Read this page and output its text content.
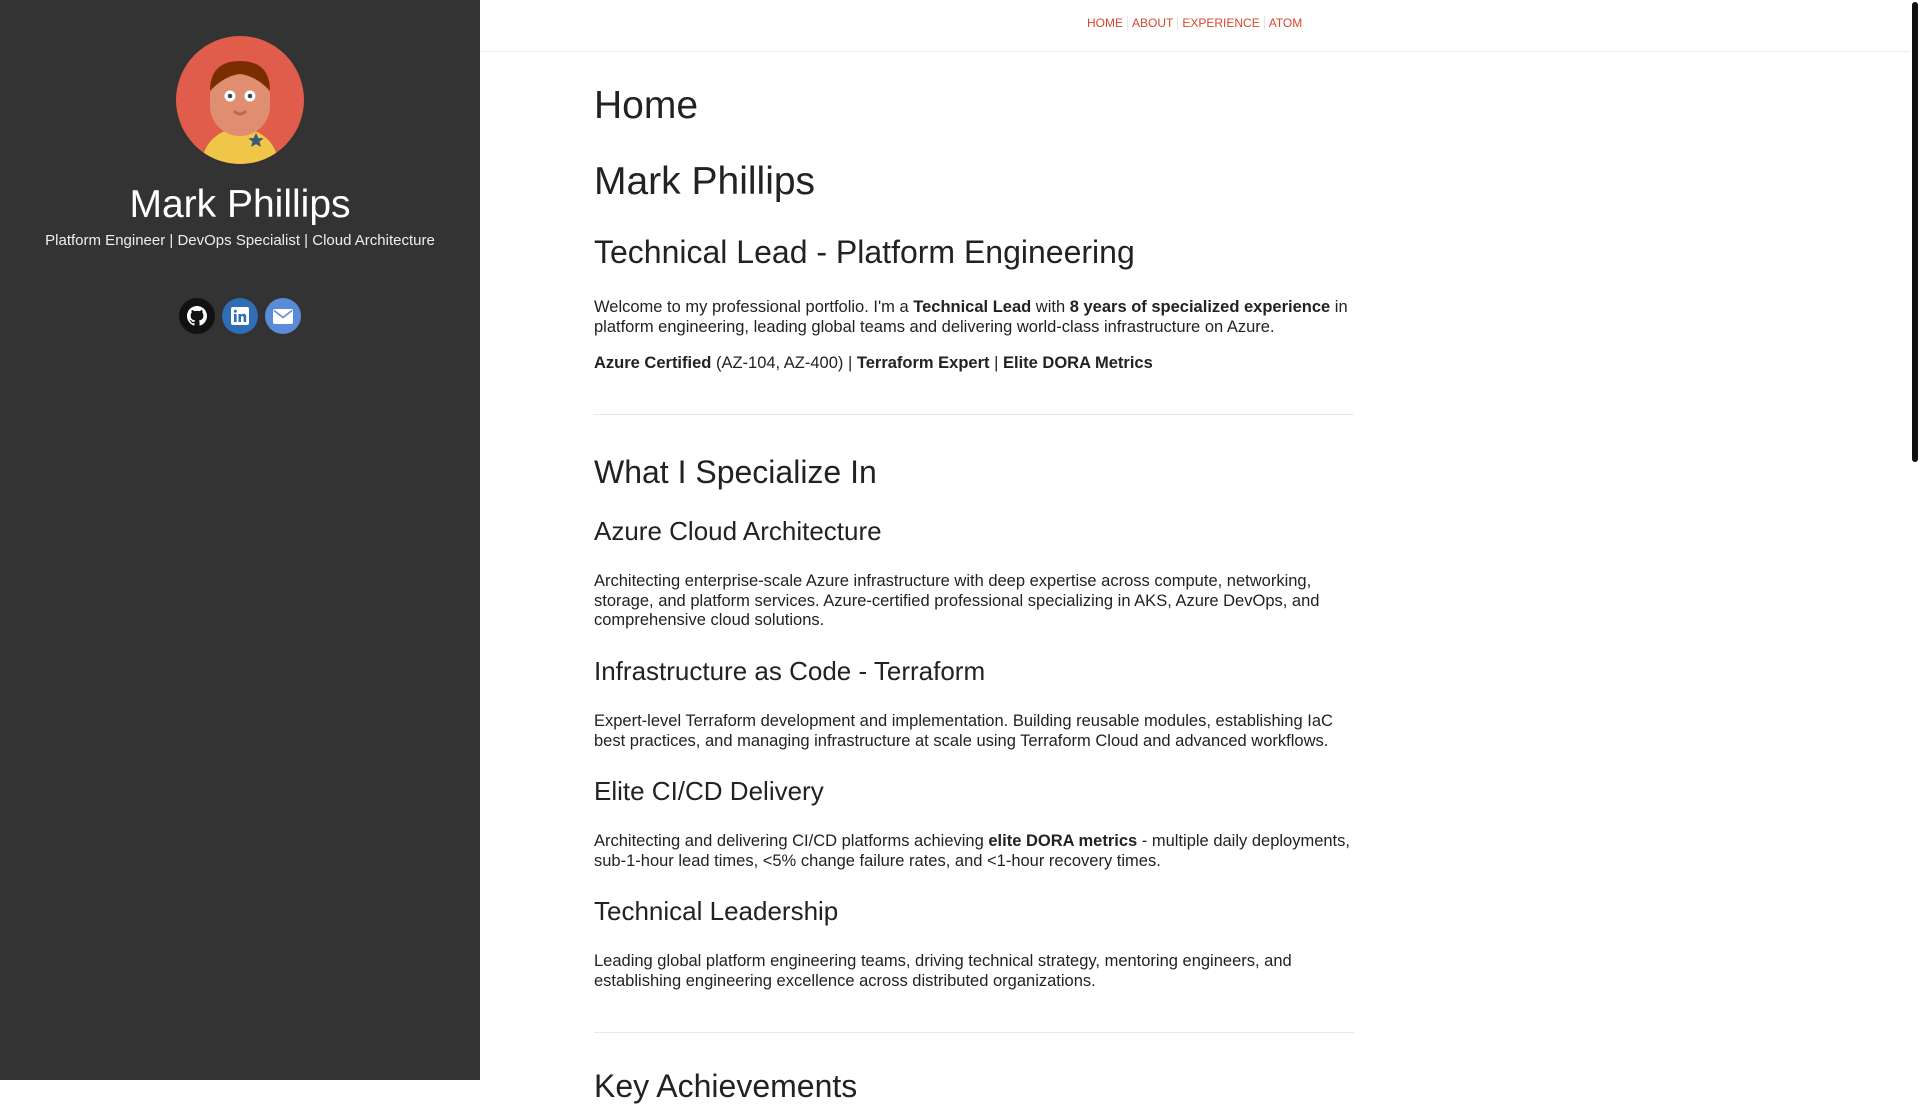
Mark Phillips

Platform Engineer | DevOps Specialist | Cloud Architecture

HOME ABOUT EXPERIENCE ATOM
Home
Mark Phillips
Technical Lead - Platform Engineering

Welcome to my professional portfolio. I'm a Technical Lead with 8 years of specialized experience in platform engineering, leading global teams and delivering world-class infrastructure on Azure.

Azure Certified (AZ-104, AZ-400) | Terraform Expert | Elite DORA Metrics

What I Specialize In
Azure Cloud Architecture

Architecting enterprise-scale Azure infrastructure with deep expertise across compute, networking, storage, and platform services. Azure-certified professional specializing in AKS, Azure DevOps, and comprehensive cloud solutions.

Infrastructure as Code - Terraform

Expert-level Terraform development and implementation. Building reusable modules, establishing IaC best practices, and managing infrastructure at scale using Terraform Cloud and advanced workflows.

Elite CI/CD Delivery

Architecting and delivering CI/CD platforms achieving elite DORA metrics - multiple daily deployments, sub-1-hour lead times, <5% change failure rates, and <1-hour recovery times.

Technical Leadership

Leading global platform engineering teams, driving technical strategy, mentoring engineers, and establishing engineering excellence across distributed organizations.

Key Achievements
